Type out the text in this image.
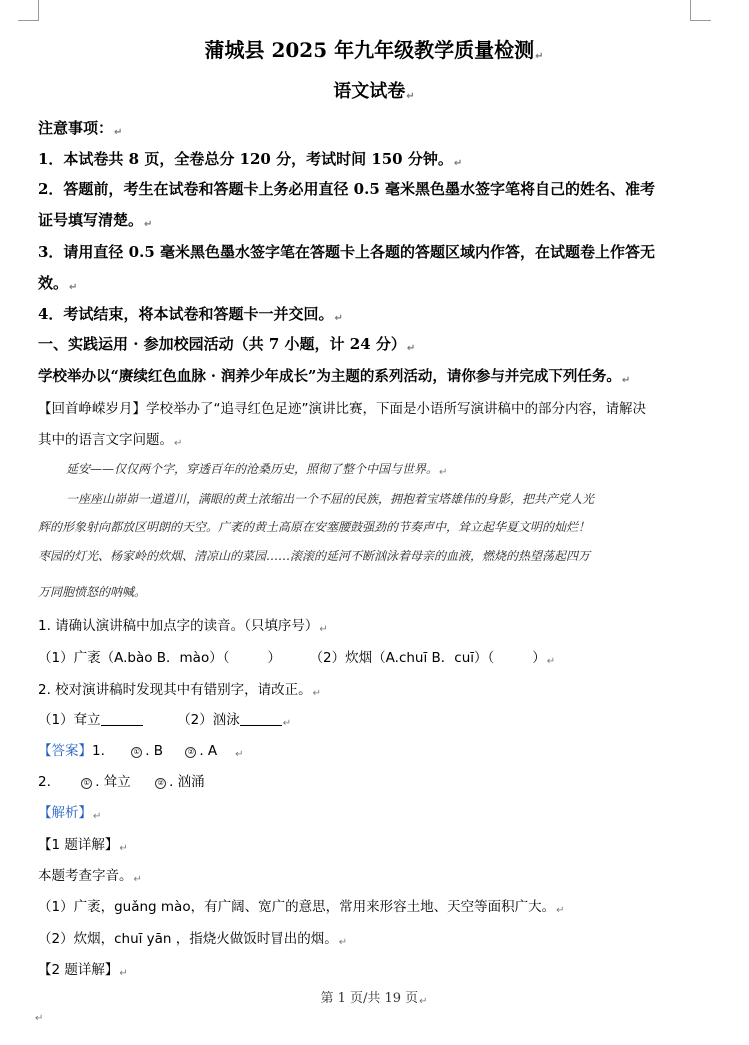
蒲城县 2025 年九年级教学质量检测↵
语文试卷↵
注意事项：↵
1．本试卷共 8 页，全卷总分 120 分，考试时间 150 分钟。↵
2．答题前，考生在试卷和答题卡上务必用直径 0.5 毫米黑色墨水签字笔将自己的姓名、准考
证号填写清楚。↵
3．请用直径 0.5 毫米黑色墨水签字笔在答题卡上各题的答题区域内作答，在试题卷上作答无
效。↵
4．考试结束，将本试卷和答题卡一并交回。↵
一、实践运用 · 参加校园活动（共 7 小题，计 24 分）↵
学校举办以“赓续红色血脉 · 润养少年成长”为主题的系列活动，请你参与并完成下列任务。↵
【回首峥嵘岁月】学校举办了“追寻红色足迹”演讲比赛，下面是小语所写演讲稿中的部分内容，请解决
其中的语言文字问题。↵
延安——仅仅两个字，穿透百年的沧桑历史，照彻了整个中国与世界。↵
一座座山峁峁一道道川，满眼的黄土浓缩出一个不屈的民族，拥抱着宝塔雄伟的身影，把共产党人光
辉的形象射向都放区明朗的天空。广袤的黄土高原在安塞腰鼓强劲的节奏声中，耸立起华夏文明的灿烂！
枣园的灯光、杨家岭的炊烟、清凉山的菜园……滚滚的延河不断汹泳着母亲的血液，燃烧的热望荡起四万
万同胞愤怒的呐喊。
1. 请确认演讲稿中加点字的读音。（只填序号）↵
（1）广袤（A.bào B．mào）（	） （2）炊烟（A.chuī B．cuī）（	）↵
2. 校对演讲稿时发现其中有错别字，请改正。↵
（1）耷立	（2）汹泳	↵
【答案】1.	① . B	② . A ↵
2.	① . 耸立	② . 汹涌
【解析】↵
【1 题详解】↵
本题考查字音。↵
（1）广袤，guǎng mào，有广阔、宽广的意思，常用来形容土地、天空等面积广大。↵
（2）炊烟，chuī yān ，指烧火做饭时冒出的烟。↵
【2 题详解】↵
第 1 页/共 19 页↵
↵
